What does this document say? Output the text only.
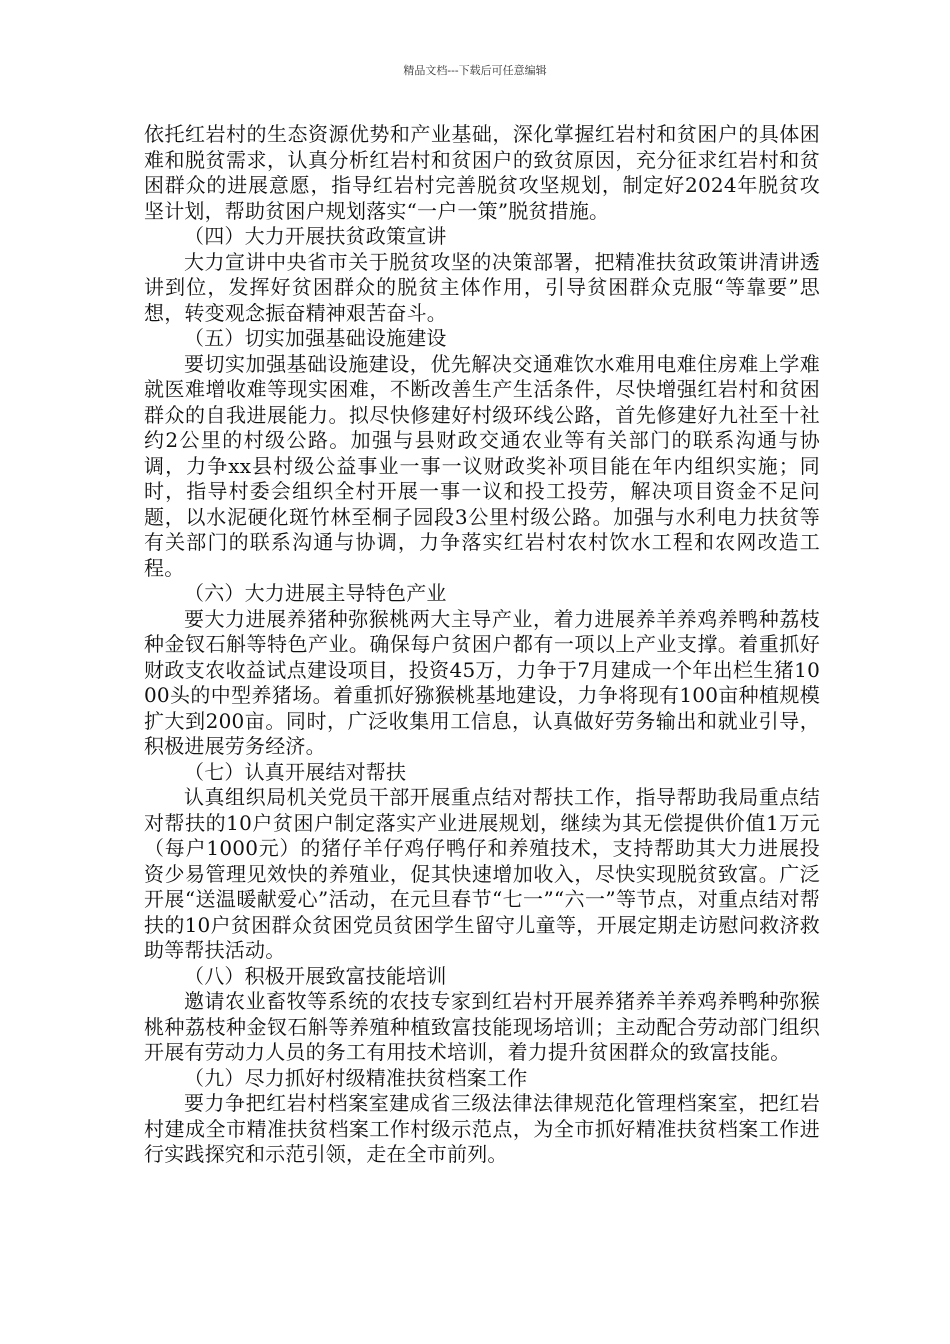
精品文档---下载后可任意编辑

依托红岩村的生态资源优势和产业基础，深化掌握红岩村和贫困户的具体困难和脱贫需求，认真分析红岩村和贫困户的致贫原因，充分征求红岩村和贫困群众的进展意愿，指导红岩村完善脱贫攻坚规划，制定好2024年脱贫攻坚计划，帮助贫困户规划落实“一户一策”脱贫措施。

（四）大力开展扶贫政策宣讲

大力宣讲中央省市关于脱贫攻坚的决策部署，把精准扶贫政策讲清讲透讲到位，发挥好贫困群众的脱贫主体作用，引导贫困群众克服“等靠要”思想，转变观念振奋精神艰苦奋斗。

（五）切实加强基础设施建设

要切实加强基础设施建设，优先解决交通难饮水难用电难住房难上学难就医难增收难等现实困难，不断改善生产生活条件，尽快增强红岩村和贫困群众的自我进展能力。拟尽快修建好村级环线公路，首先修建好九社至十社约2公里的村级公路。加强与县财政交通农业等有关部门的联系沟通与协调，力争xx县村级公益事业一事一议财政奖补项目能在年内组织实施；同时，指导村委会组织全村开展一事一议和投工投劳，解决项目资金不足问题，以水泥硬化斑竹林至桐子园段3公里村级公路。加强与水利电力扶贫等有关部门的联系沟通与协调，力争落实红岩村农村饮水工程和农网改造工程。

（六）大力进展主导特色产业

要大力进展养猪种弥猴桃两大主导产业，着力进展养羊养鸡养鸭种荔枝种金钗石斛等特色产业。确保每户贫困户都有一项以上产业支撑。着重抓好财政支农收益试点建设项目，投资45万，力争于7月建成一个年出栏生猪1000头的中型养猪场。着重抓好猕猴桃基地建设，力争将现有100亩种植规模扩大到200亩。同时，广泛收集用工信息，认真做好劳务输出和就业引导，积极进展劳务经济。

（七）认真开展结对帮扶

认真组织局机关党员干部开展重点结对帮扶工作，指导帮助我局重点结对帮扶的10户贫困户制定落实产业进展规划，继续为其无偿提供价值1万元（每户1000元）的猪仔羊仔鸡仔鸭仔和养殖技术，支持帮助其大力进展投资少易管理见效快的养殖业，促其快速增加收入，尽快实现脱贫致富。广泛开展“送温暖献爱心”活动，在元旦春节“七一”“六一”等节点，对重点结对帮扶的10户贫困群众贫困党员贫困学生留守儿童等，开展定期走访慰问救济救助等帮扶活动。

（八）积极开展致富技能培训

邀请农业畜牧等系统的农技专家到红岩村开展养猪养羊养鸡养鸭种弥猴桃种荔枝种金钗石斛等养殖种植致富技能现场培训；主动配合劳动部门组织开展有劳动力人员的务工有用技术培训，着力提升贫困群众的致富技能。

（九）尽力抓好村级精准扶贫档案工作

要力争把红岩村档案室建成省三级法律法律规范化管理档案室，把红岩村建成全市精准扶贫档案工作村级示范点，为全市抓好精准扶贫档案工作进行实践探究和示范引领，走在全市前列。
